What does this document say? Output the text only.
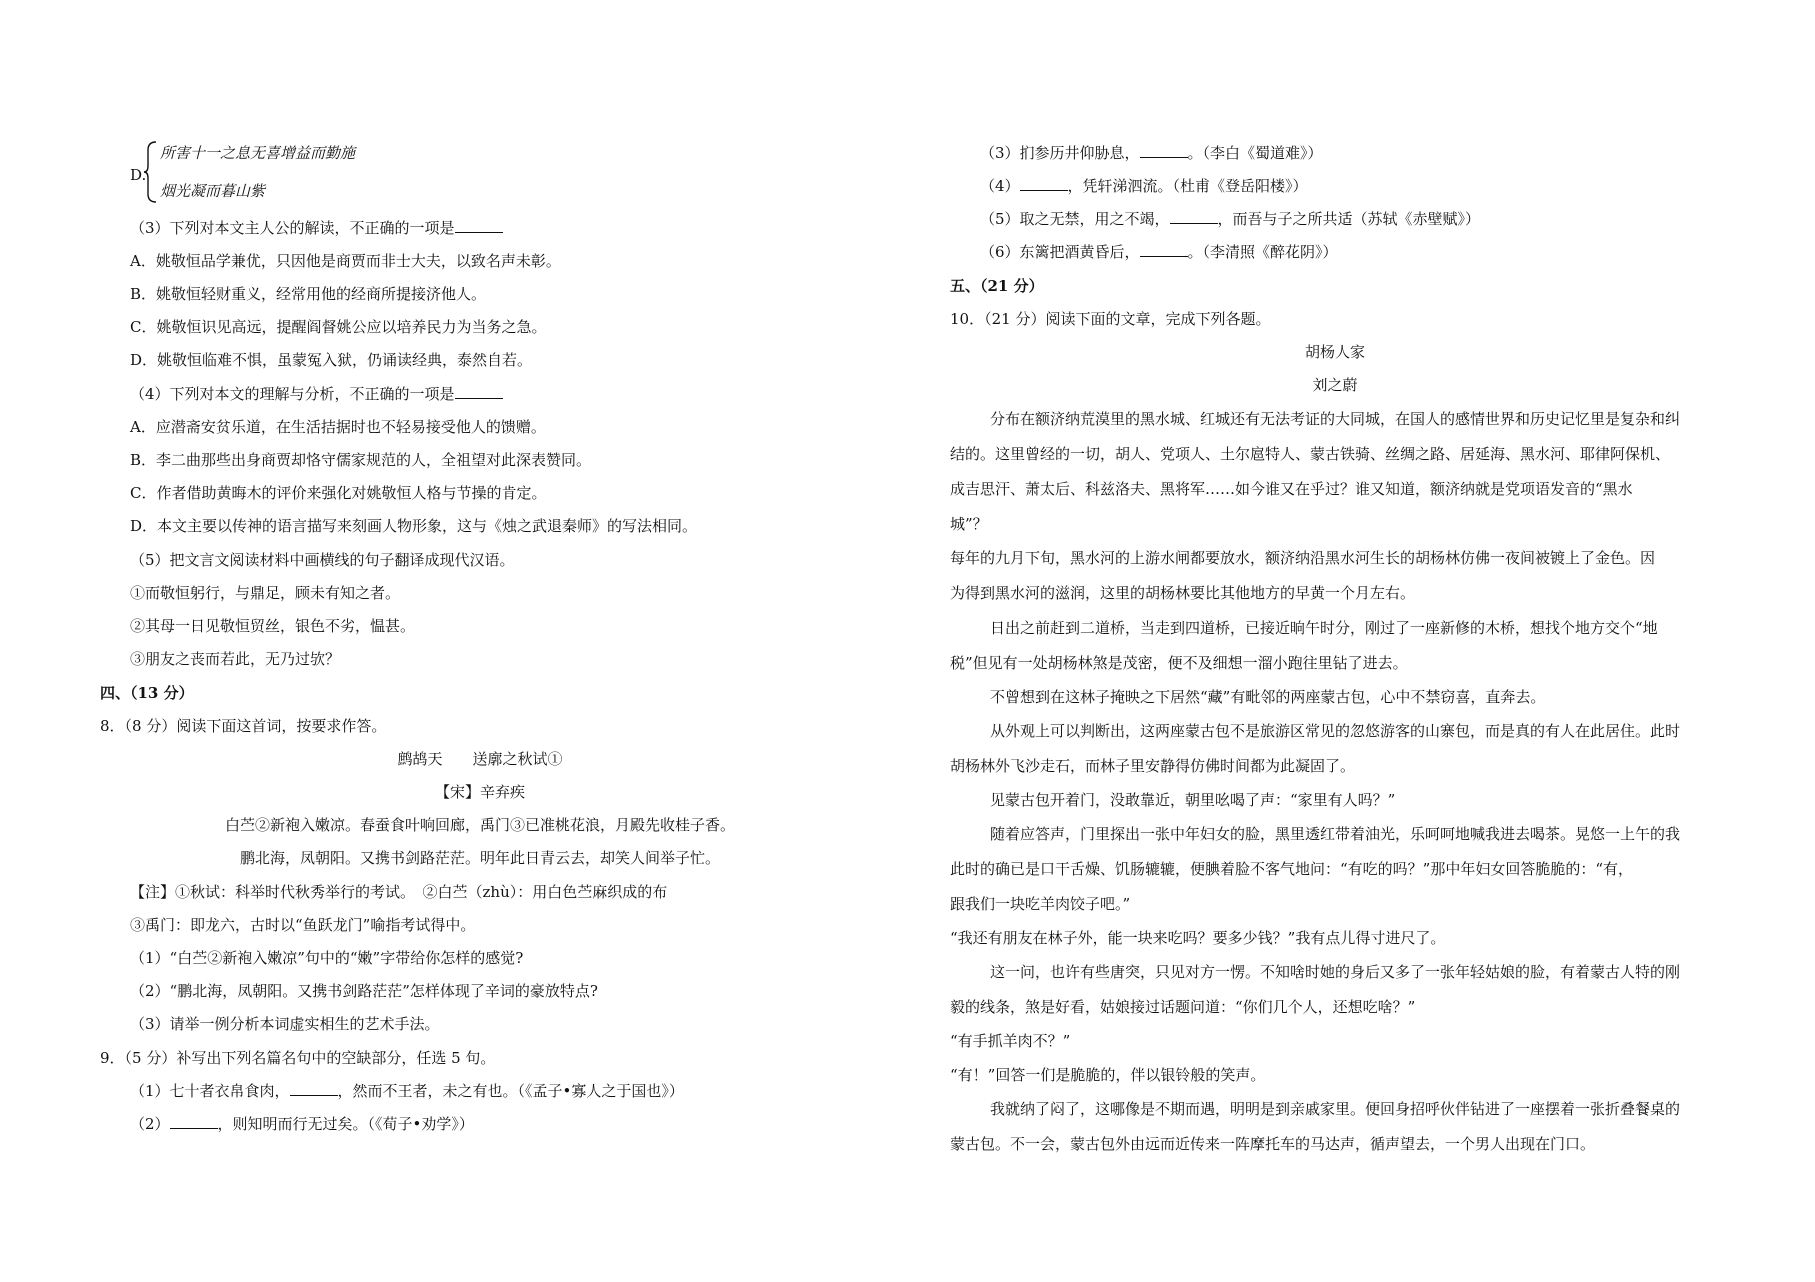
D.
所害十一之息无喜增益而勤施
烟光凝而暮山紫
（3）下列对本文主人公的解读，不正确的一项是
A．姚敬恒品学兼优，只因他是商贾而非士大夫，以致名声未彰。
B．姚敬恒轻财重义，经常用他的经商所提接济他人。
C．姚敬恒识见高远，提醒阎督姚公应以培养民力为当务之急。
D．姚敬恒临难不惧，虽蒙冤入狱，仍诵读经典，泰然自若。
（4）下列对本文的理解与分析，不正确的一项是
A．应潜斋安贫乐道，在生活拮据时也不轻易接受他人的馈赠。
B．李二曲那些出身商贾却恪守儒家规范的人，全祖望对此深表赞同。
C．作者借助黄晦木的评价来强化对姚敬恒人格与节操的肯定。
D．本文主要以传神的语言描写来刻画人物形象，这与《烛之武退秦师》的写法相同。
（5）把文言文阅读材料中画横线的句子翻译成现代汉语。
①而敬恒躬行，与鼎足，顾未有知之者。
②其母一日见敬恒贸丝，银色不劣，愠甚。
③朋友之丧而若此，无乃过欤？
四、（13 分）
8．（8 分）阅读下面这首词，按要求作答。
鹧鸪天 送廓之秋试①
【宋】辛弃疾
白苎②新袍入嫩凉。春蚕食叶响回廊，禹门③已准桃花浪，月殿先收桂子香。
鹏北海，凤朝阳。又携书剑路茫茫。明年此日青云去，却笑人间举子忙。
【注】①秋试：科举时代秋秀举行的考试。　②白苎（zhù）：用白色苎麻织成的布
③禹门：即龙六，古时以“鱼跃龙门”喻指考试得中。
（1）“白苎②新袍入嫩凉”句中的“嫩”字带给你怎样的感觉?
（2）“鹏北海，凤朝阳。又携书剑路茫茫”怎样体现了辛词的豪放特点?
（3）请举一例分析本词虚实相生的艺术手法。
9．（5 分）补写出下列名篇名句中的空缺部分，任选 5 句。
（1）七十者衣帛食肉，	，然而不王者，未之有也。（《孟子•寡人之于国也》）
（2）	，则知明而行无过矣。（《荀子•劝学》）
（3）扪参历井仰胁息，	。（李白《蜀道难》）
（4）	，凭轩涕泗流。（杜甫《登岳阳楼》）
（5）取之无禁，用之不竭，	，而吾与子之所共适（苏轼《赤壁赋》）
（6）东篱把酒黄昏后，	。（李清照《醉花阴》）
五、（21 分）
10．（21 分）阅读下面的文章，完成下列各题。
胡杨人家
刘之蔚
分布在额济纳荒漠里的黑水城、红城还有无法考证的大同城，在国人的感情世界和历史记忆里是复杂和纠
结的。这里曾经的一切，胡人、党项人、土尔扈特人、蒙古铁骑、丝绸之路、居延海、黑水河、耶律阿保机、
成吉思汗、萧太后、科兹洛夫、黑将军……如今谁又在乎过？谁又知道，额济纳就是党项语发音的“黑水
城”？
每年的九月下旬，黑水河的上游水闸都要放水，额济纳沿黑水河生长的胡杨林仿佛一夜间被镀上了金色。因
为得到黑水河的滋润，这里的胡杨林要比其他地方的早黄一个月左右。
日出之前赶到二道桥，当走到四道桥，已接近晌午时分，刚过了一座新修的木桥，想找个地方交个“地
税”但见有一处胡杨林煞是茂密，便不及细想一溜小跑往里钻了进去。
不曾想到在这林子掩映之下居然“藏”有毗邻的两座蒙古包，心中不禁窃喜，直奔去。
从外观上可以判断出，这两座蒙古包不是旅游区常见的忽悠游客的山寨包，而是真的有人在此居住。此时
胡杨林外飞沙走石，而林子里安静得仿佛时间都为此凝固了。
见蒙古包开着门，没敢靠近，朝里吆喝了声：“家里有人吗？”
随着应答声，门里探出一张中年妇女的脸，黑里透红带着油光，乐呵呵地喊我进去喝茶。晃悠一上午的我
此时的确已是口干舌燥、饥肠辘辘，便腆着脸不客气地问：“有吃的吗？”那中年妇女回答脆脆的：“有，
跟我们一块吃羊肉饺子吧。”
“我还有朋友在林子外，能一块来吃吗？要多少钱？”我有点儿得寸进尺了。
这一问，也许有些唐突，只见对方一愣。不知啥时她的身后又多了一张年轻姑娘的脸，有着蒙古人特的刚
毅的线条，煞是好看，姑娘接过话题问道：“你们几个人，还想吃啥？”
“有手抓羊肉不？”
“有！”回答一们是脆脆的，伴以银铃般的笑声。
我就纳了闷了，这哪像是不期而遇，明明是到亲戚家里。便回身招呼伙伴钻进了一座摆着一张折叠餐桌的
蒙古包。不一会，蒙古包外由远而近传来一阵摩托车的马达声，循声望去，一个男人出现在门口。
